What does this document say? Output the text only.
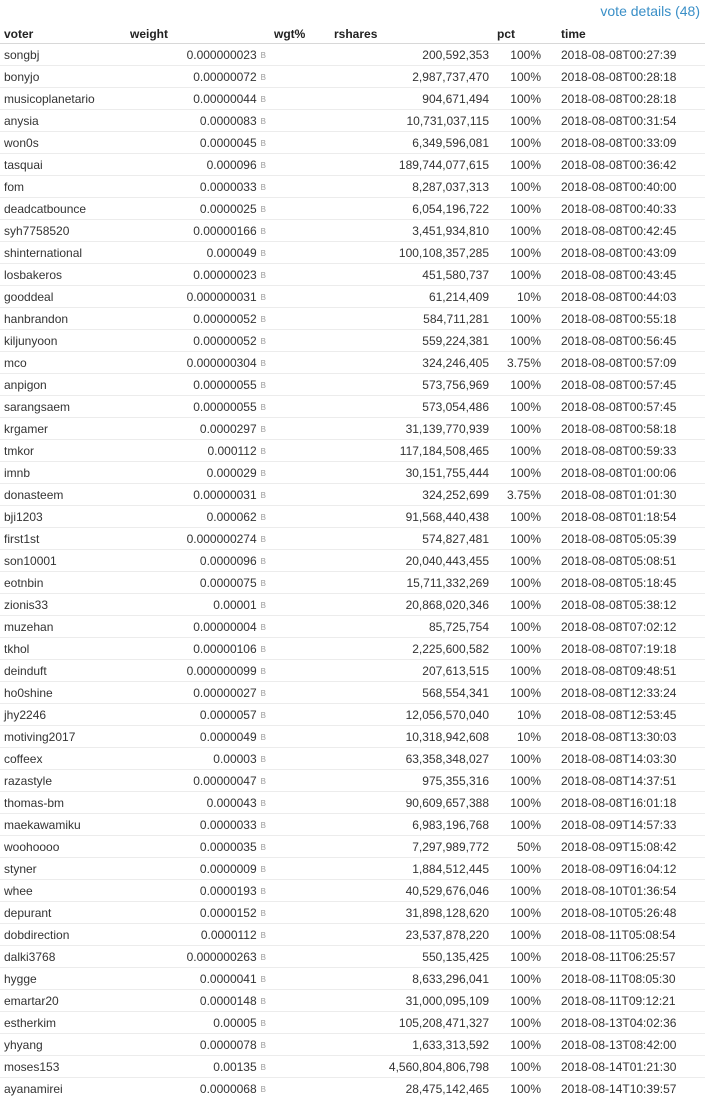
vote details (48)
voter	weight	wgt%	rshares	pct	time
songbj	0.000000023 B		200,592,353	100%	2018-08-08T00:27:39
bonyjo	0.00000072 B		2,987,737,470	100%	2018-08-08T00:28:18
musicoplanetario	0.00000044 B		904,671,494	100%	2018-08-08T00:28:18
anysia	0.0000083 B		10,731,037,115	100%	2018-08-08T00:31:54
won0s	0.0000045 B		6,349,596,081	100%	2018-08-08T00:33:09
tasquai	0.000096 B		189,744,077,615	100%	2018-08-08T00:36:42
fom	0.0000033 B		8,287,037,313	100%	2018-08-08T00:40:00
deadcatbounce	0.0000025 B		6,054,196,722	100%	2018-08-08T00:40:33
syh7758520	0.00000166 B		3,451,934,810	100%	2018-08-08T00:42:45
shinternational	0.000049 B		100,108,357,285	100%	2018-08-08T00:43:09
losbakeros	0.00000023 B		451,580,737	100%	2018-08-08T00:43:45
gooddeal	0.000000031 B		61,214,409	10%	2018-08-08T00:44:03
hanbrandon	0.00000052 B		584,711,281	100%	2018-08-08T00:55:18
kiljunyoon	0.00000052 B		559,224,381	100%	2018-08-08T00:56:45
mco	0.000000304 B		324,246,405	3.75%	2018-08-08T00:57:09
anpigon	0.00000055 B		573,756,969	100%	2018-08-08T00:57:45
sarangsaem	0.00000055 B		573,054,486	100%	2018-08-08T00:57:45
krgamer	0.0000297 B		31,139,770,939	100%	2018-08-08T00:58:18
tmkor	0.000112 B		117,184,508,465	100%	2018-08-08T00:59:33
imnb	0.000029 B		30,151,755,444	100%	2018-08-08T01:00:06
donasteem	0.00000031 B		324,252,699	3.75%	2018-08-08T01:01:30
bji1203	0.000062 B		91,568,440,438	100%	2018-08-08T01:18:54
first1st	0.000000274 B		574,827,481	100%	2018-08-08T05:05:39
son10001	0.0000096 B		20,040,443,455	100%	2018-08-08T05:08:51
eotnbin	0.0000075 B		15,711,332,269	100%	2018-08-08T05:18:45
zionis33	0.00001 B		20,868,020,346	100%	2018-08-08T05:38:12
muzehan	0.00000004 B		85,725,754	100%	2018-08-08T07:02:12
tkhol	0.00000106 B		2,225,600,582	100%	2018-08-08T07:19:18
deinduft	0.000000099 B		207,613,515	100%	2018-08-08T09:48:51
ho0shine	0.00000027 B		568,554,341	100%	2018-08-08T12:33:24
jhy2246	0.0000057 B		12,056,570,040	10%	2018-08-08T12:53:45
motiving2017	0.0000049 B		10,318,942,608	10%	2018-08-08T13:30:03
coffeex	0.00003 B		63,358,348,027	100%	2018-08-08T14:03:30
razastyle	0.00000047 B		975,355,316	100%	2018-08-08T14:37:51
thomas-bm	0.000043 B		90,609,657,388	100%	2018-08-08T16:01:18
maekawamiku	0.0000033 B		6,983,196,768	100%	2018-08-09T14:57:33
woohoooo	0.0000035 B		7,297,989,772	50%	2018-08-09T15:08:42
styner	0.0000009 B		1,884,512,445	100%	2018-08-09T16:04:12
whee	0.0000193 B		40,529,676,046	100%	2018-08-10T01:36:54
depurant	0.0000152 B		31,898,128,620	100%	2018-08-10T05:26:48
dobdirection	0.0000112 B		23,537,878,220	100%	2018-08-11T05:08:54
dalki3768	0.000000263 B		550,135,425	100%	2018-08-11T06:25:57
hygge	0.0000041 B		8,633,296,041	100%	2018-08-11T08:05:30
emartar20	0.0000148 B		31,000,095,109	100%	2018-08-11T09:12:21
estherkim	0.00005 B		105,208,471,327	100%	2018-08-13T04:02:36
yhyang	0.0000078 B		1,633,313,592	100%	2018-08-13T08:42:00
moses153	0.00135 B		4,560,804,806,798	100%	2018-08-14T01:21:30
ayanamirei	0.0000068 B		28,475,142,465	100%	2018-08-14T10:39:57
